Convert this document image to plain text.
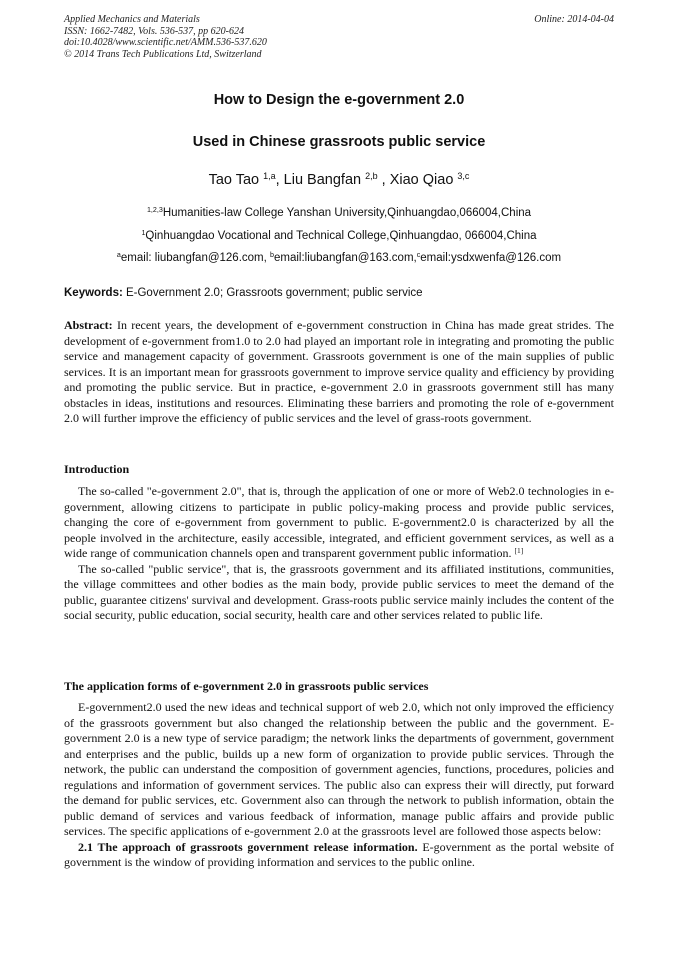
Applied Mechanics and Materials
ISSN: 1662-7482, Vols. 536-537, pp 620-624
doi:10.4028/www.scientific.net/AMM.536-537.620
© 2014 Trans Tech Publications Ltd, Switzerland
Online: 2014-04-04
How to Design the e-government 2.0
Used in Chinese grassroots public service
Tao Tao $^{1,a}$, Liu Bangfan $^{2,b}$ , Xiao Qiao $^{3,c}$
$^{1,2,3}$Humanities-law College Yanshan University,Qinhuangdao,066004,China
$^1$Qinhuangdao Vocational and Technical College,Qinhuangdao, 066004,China
$^a$email: liubangfan@126.com, $^b$email:liubangfan@163.com,$^c$email:ysdxwenfa@126.com
Keywords: E-Government 2.0; Grassroots government; public service

Abstract: In recent years, the development of e-government construction in China has made great strides. The development of e-government from1.0 to 2.0 had played an important role in integrating and promoting the public service and management capacity of government. Grassroots government is one of the main supplies of public services. It is an important mean for grassroots government to improve service quality and efficiency by providing and promoting the public service. But in practice, e-government 2.0 in grassroots government still has many obstacles in ideas, institutions and resources. Eliminating these barriers and promoting the role of e-government 2.0 will further improve the efficiency of public services and the level of grass-roots government.

Introduction

The so-called "e-government 2.0", that is, through the application of one or more of Web2.0 technologies in e-government, allowing citizens to participate in public policy-making process and provide public services, changing the core of e-government from government to public. E-government2.0 is characterized by all the people involved in the architecture, easily accessible, integrated, and efficient government services, as well as a wide range of communication channels open and transparent government public information. [1]

The so-called "public service", that is, the grassroots government and its affiliated institutions, communities, the village committees and other bodies as the main body, provide public services to meet the demand of the public, guarantee citizens' survival and development. Grass-roots public service mainly includes the content of the social security, public education, social security, health care and other services related to public life.

The application forms of e-government 2.0 in grassroots public services

E-government2.0 used the new ideas and technical support of web 2.0, which not only improved the efficiency of the grassroots government but also changed the relationship between the public and the government. E-government 2.0 is a new type of service paradigm; the network links the departments of government, government and enterprises and the public, builds up a new form of organization to provide public services. Through the network, the public can understand the composition of government agencies, functions, procedures, policies and regulations and information of government services. The public also can express their will directly, put forward the demand for public services, etc. Government also can through the network to publish information, obtain the public demand of services and various feedback of information, manage public affairs and provide public services. The specific applications of e-government 2.0 at the grassroots level are followed those aspects below:

2.1 The approach of grassroots government release information. E-government as the portal website of government is the window of providing information and services to the public online.
